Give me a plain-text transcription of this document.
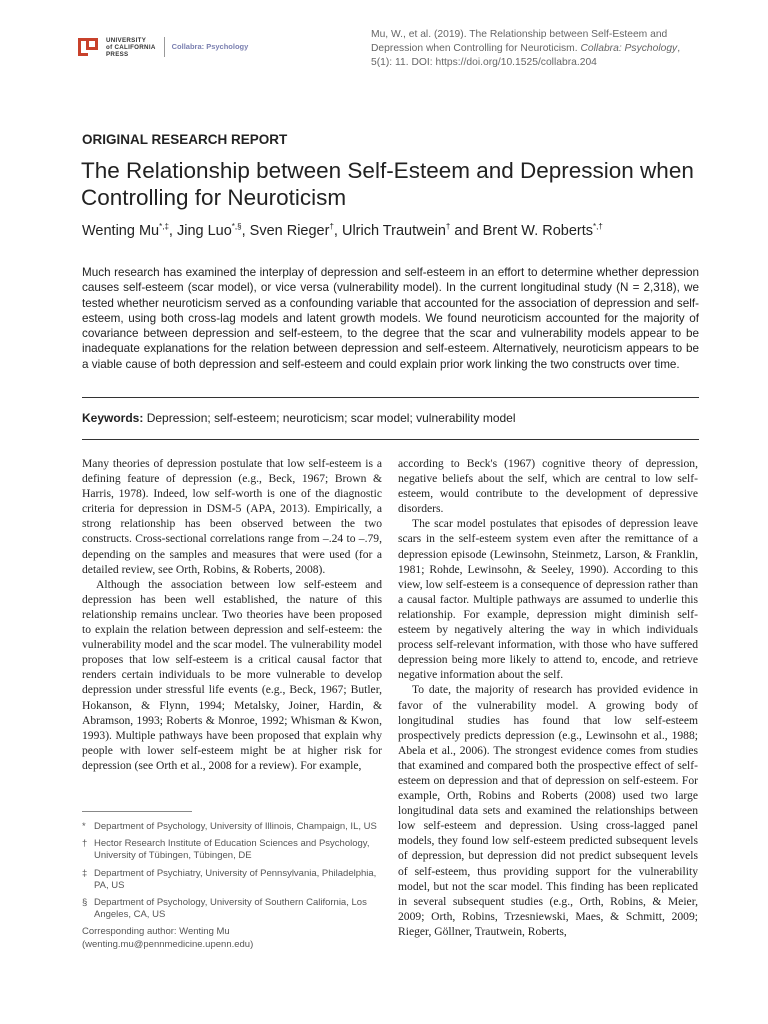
UNIVERSITY
of CALIFORNIA
PRESS
Collabra: Psychology
Mu, W., et al. (2019). The Relationship between Self-Esteem and Depression when Controlling for Neuroticism. Collabra: Psychology, 5(1): 11. DOI: https://doi.org/10.1525/collabra.204
ORIGINAL RESEARCH REPORT
The Relationship between Self-Esteem and Depression when Controlling for Neuroticism
Wenting Mu*,‡, Jing Luo*,§, Sven Rieger†, Ulrich Trautwein† and Brent W. Roberts*,†
Much research has examined the interplay of depression and self-esteem in an effort to determine whether depression causes self-esteem (scar model), or vice versa (vulnerability model). In the current longitudinal study (N = 2,318), we tested whether neuroticism served as a confounding variable that accounted for the association of depression and self-esteem, using both cross-lag models and latent growth models. We found neuroticism accounted for the majority of covariance between depression and self-esteem, to the degree that the scar and vulnerability models appear to be inadequate explanations for the relation between depression and self-esteem. Alternatively, neuroticism appears to be a viable cause of both depression and self-esteem and could explain prior work linking the two constructs over time.
Keywords: Depression; self-esteem; neuroticism; scar model; vulnerability model

Many theories of depression postulate that low self-esteem is a defining feature of depression (e.g., Beck, 1967; Brown & Harris, 1978). Indeed, low self-worth is one of the diagnostic criteria for depression in DSM-5 (APA, 2013). Empirically, a strong relationship has been observed between the two constructs. Cross-sectional correlations range from –.24 to –.79, depending on the samples and measures that were used (for a detailed review, see Orth, Robins, & Roberts, 2008).

Although the association between low self-esteem and depression has been well established, the nature of this relationship remains unclear. Two theories have been proposed to explain the relation between depression and self-esteem: the vulnerability model and the scar model. The vulnerability model proposes that low self-esteem is a critical causal factor that renders certain individuals to be more vulnerable to develop depression under stressful life events (e.g., Beck, 1967; Butler, Hokanson, & Flynn, 1994; Metalsky, Joiner, Hardin, & Abramson, 1993; Roberts & Monroe, 1992; Whisman & Kwon, 1993). Multiple pathways have been proposed that explain why people with lower self-esteem might be at higher risk for depression (see Orth et al., 2008 for a review). For example,

according to Beck's (1967) cognitive theory of depression, negative beliefs about the self, which are central to low self-esteem, would contribute to the development of depressive disorders.

The scar model postulates that episodes of depression leave scars in the self-esteem system even after the remittance of a depression episode (Lewinsohn, Steinmetz, Larson, & Franklin, 1981; Rohde, Lewinsohn, & Seeley, 1990). According to this view, low self-esteem is a consequence of depression rather than a causal factor. Multiple pathways are assumed to underlie this relationship. For example, depression might diminish self-esteem by negatively altering the way in which individuals process self-relevant information, with those who have suffered depression being more likely to attend to, encode, and retrieve negative information about the self.

To date, the majority of research has provided evidence in favor of the vulnerability model. A growing body of longitudinal studies has found that low self-esteem prospectively predicts depression (e.g., Lewinsohn et al., 1988; Abela et al., 2006). The strongest evidence comes from studies that examined and compared both the prospective effect of self-esteem on depression and that of depression on self-esteem. For example, Orth, Robins and Roberts (2008) used two large longitudinal data sets and examined the relationships between low self-esteem and depression. Using cross-lagged panel models, they found low self-esteem predicted subsequent levels of depression, but depression did not predict subsequent levels of self-esteem, thus providing support for the vulnerability model, but not the scar model. This finding has been replicated in several subsequent studies (e.g., Orth, Robins, & Meier, 2009; Orth, Robins, Trzesniewski, Maes, & Schmitt, 2009; Rieger, Göllner, Trautwein, Roberts,

* Department of Psychology, University of Illinois, Champaign, IL, US
† Hector Research Institute of Education Sciences and Psychology, University of Tübingen, Tübingen, DE
‡ Department of Psychiatry, University of Pennsylvania, Philadelphia, PA, US
§ Department of Psychology, University of Southern California, Los Angeles, CA, US
Corresponding author: Wenting Mu
(wenting.mu@pennmedicine.upenn.edu)
